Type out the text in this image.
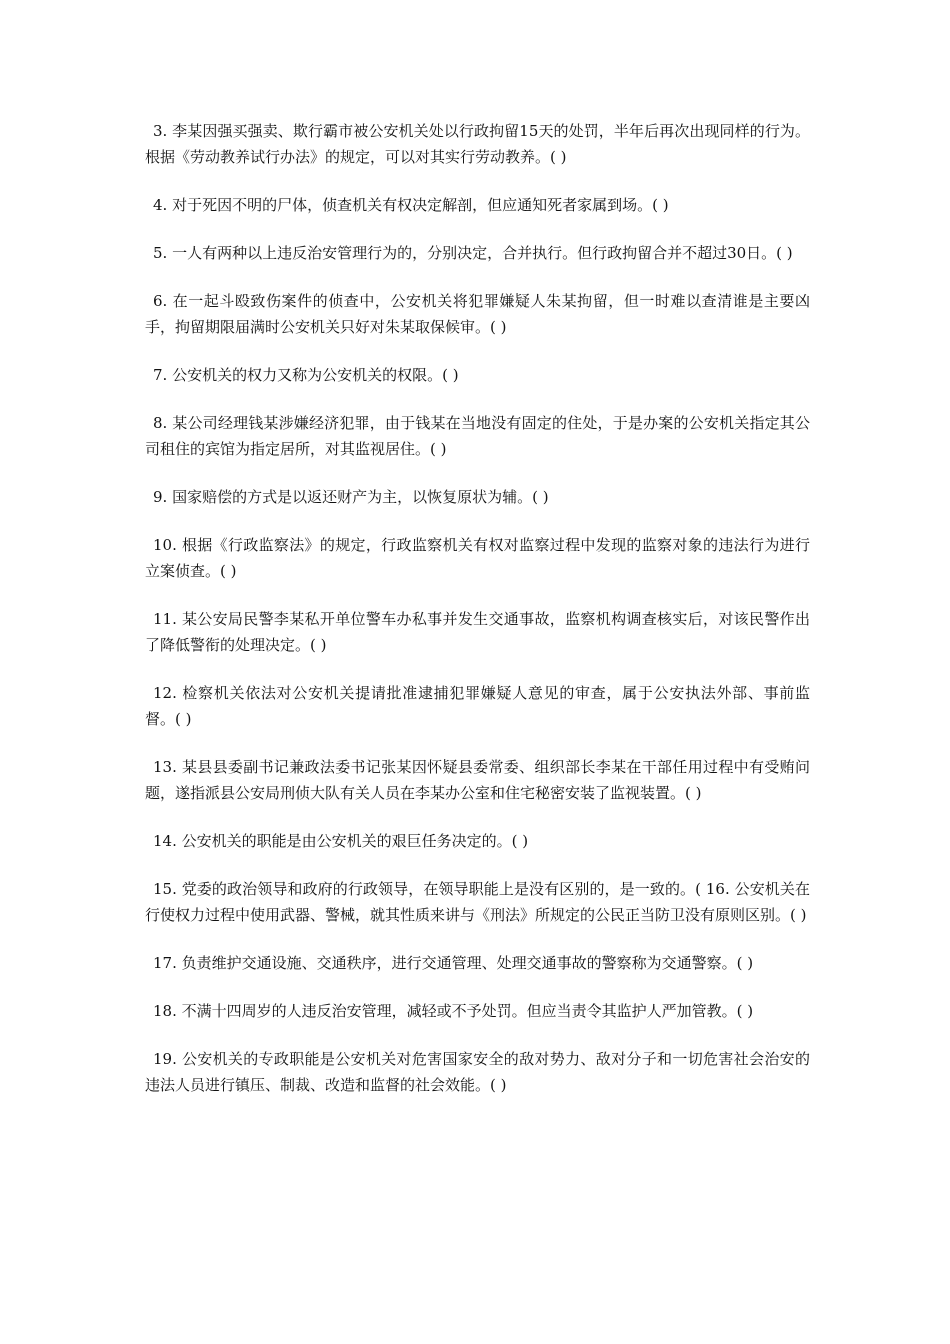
3. 李某因强买强卖、欺行霸市被公安机关处以行政拘留15天的处罚，半年后再次出现同样的行为。根据《劳动教养试行办法》的规定，可以对其实行劳动教养。( )

4. 对于死因不明的尸体，侦查机关有权决定解剖，但应通知死者家属到场。( )

5. 一人有两种以上违反治安管理行为的，分别决定，合并执行。但行政拘留合并不超过30日。( )

6. 在一起斗殴致伤案件的侦查中，公安机关将犯罪嫌疑人朱某拘留，但一时难以查清谁是主要凶手，拘留期限届满时公安机关只好对朱某取保候审。( )

7. 公安机关的权力又称为公安机关的权限。( )

8. 某公司经理钱某涉嫌经济犯罪，由于钱某在当地没有固定的住处，于是办案的公安机关指定其公司租住的宾馆为指定居所，对其监视居住。( )

9. 国家赔偿的方式是以返还财产为主，以恢复原状为辅。( )

10. 根据《行政监察法》的规定，行政监察机关有权对监察过程中发现的监察对象的违法行为进行立案侦查。( )

11. 某公安局民警李某私开单位警车办私事并发生交通事故，监察机构调查核实后，对该民警作出了降低警衔的处理决定。( )

12. 检察机关依法对公安机关提请批准逮捕犯罪嫌疑人意见的审查，属于公安执法外部、事前监督。( )

13. 某县县委副书记兼政法委书记张某因怀疑县委常委、组织部长李某在干部任用过程中有受贿问题，遂指派县公安局刑侦大队有关人员在李某办公室和住宅秘密安装了监视装置。( )

14. 公安机关的职能是由公安机关的艰巨任务决定的。( )

15. 党委的政治领导和政府的行政领导，在领导职能上是没有区别的，是一致的。( 16. 公安机关在行使权力过程中使用武器、警械，就其性质来讲与《刑法》所规定的公民正当防卫没有原则区别。( )

17. 负责维护交通设施、交通秩序，进行交通管理、处理交通事故的警察称为交通警察。( )

18. 不满十四周岁的人违反治安管理，减轻或不予处罚。但应当责令其监护人严加管教。( )

19. 公安机关的专政职能是公安机关对危害国家安全的敌对势力、敌对分子和一切危害社会治安的违法人员进行镇压、制裁、改造和监督的社会效能。( )
